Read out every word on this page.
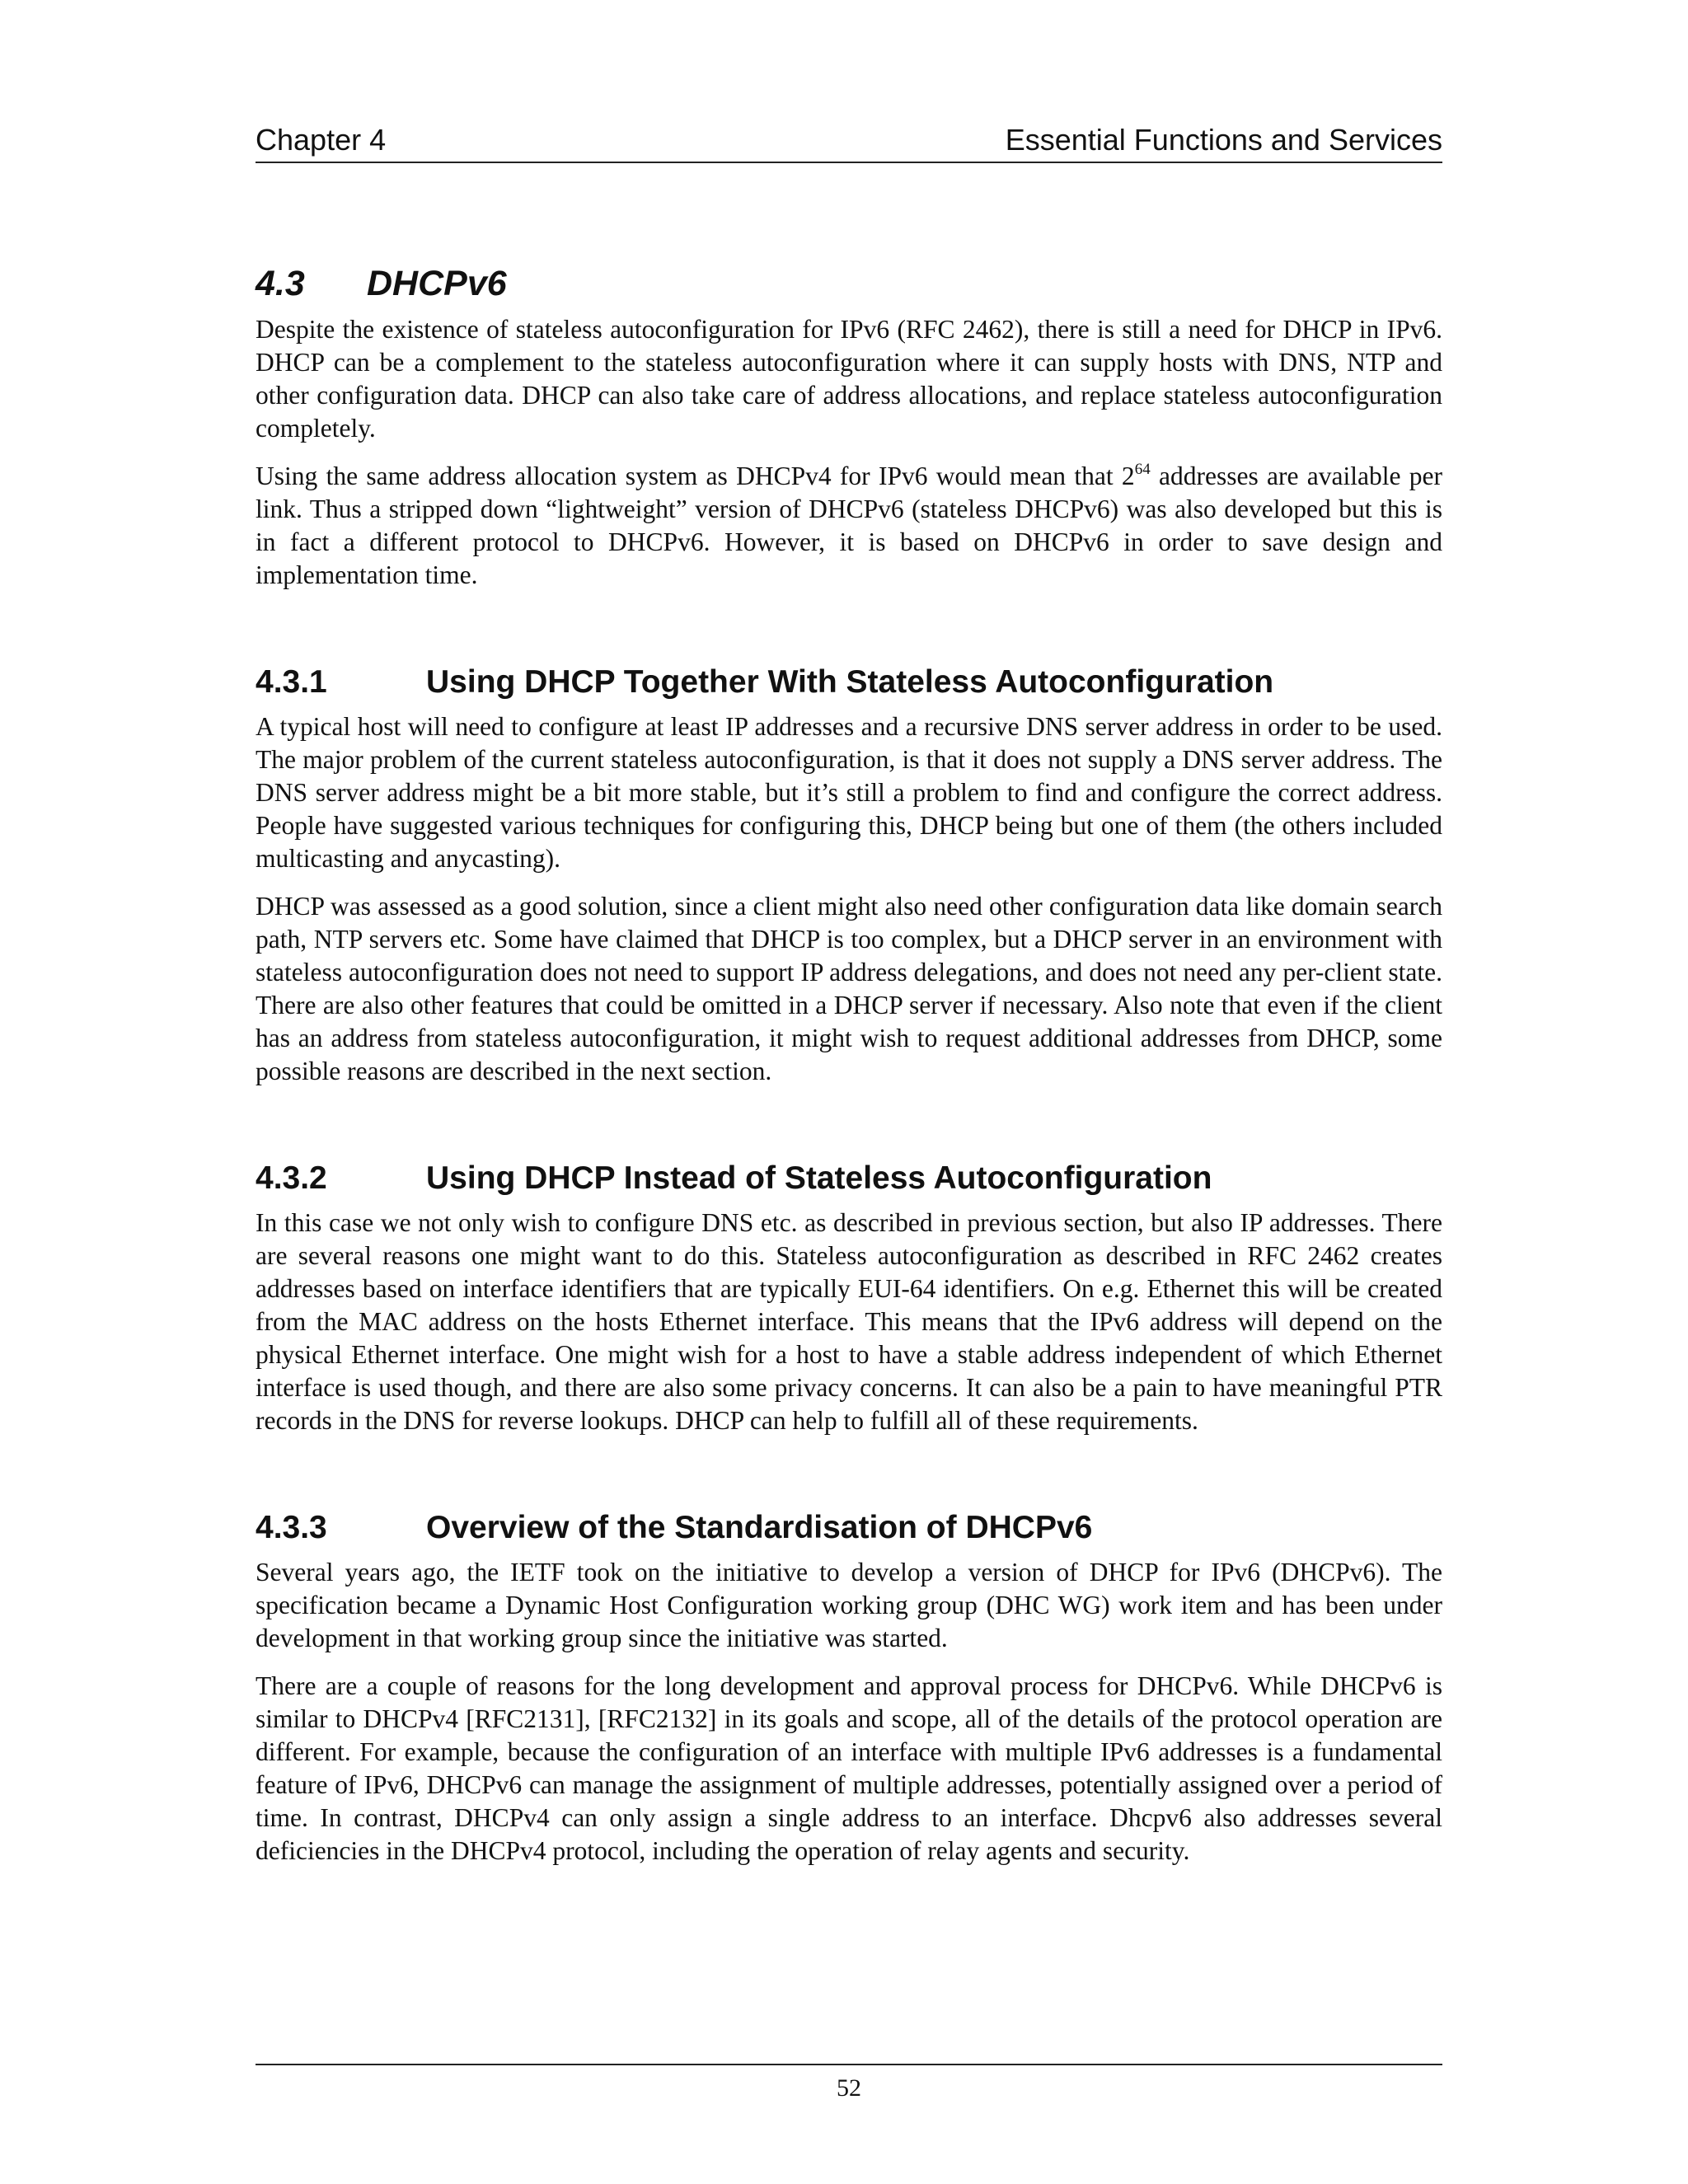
Chapter 4	Essential Functions and Services
4.3	DHCPv6

Despite the existence of stateless autoconfiguration for IPv6 (RFC 2462), there is still a need for DHCP in IPv6. DHCP can be a complement to the stateless autoconfiguration where it can supply hosts with DNS, NTP and other configuration data. DHCP can also take care of address allocations, and replace stateless autoconfiguration completely.

Using the same address allocation system as DHCPv4 for IPv6 would mean that $2^{64}$ addresses are available per link. Thus a stripped down “lightweight” version of DHCPv6 (stateless DHCPv6) was also developed but this is in fact a different protocol to DHCPv6. However, it is based on DHCPv6 in order to save design and implementation time.

4.3.1	Using DHCP Together With Stateless Autoconfiguration

A typical host will need to configure at least IP addresses and a recursive DNS server address in order to be used. The major problem of the current stateless autoconfiguration, is that it does not supply a DNS server address. The DNS server address might be a bit more stable, but it’s still a problem to find and configure the correct address. People have suggested various techniques for configuring this, DHCP being but one of them (the others included multicasting and anycasting).

DHCP was assessed as a good solution, since a client might also need other configuration data like domain search path, NTP servers etc. Some have claimed that DHCP is too complex, but a DHCP server in an environment with stateless autoconfiguration does not need to support IP address delegations, and does not need any per-client state. There are also other features that could be omitted in a DHCP server if necessary. Also note that even if the client has an address from stateless autoconfiguration, it might wish to request additional addresses from DHCP, some possible reasons are described in the next section.

4.3.2	Using DHCP Instead of Stateless Autoconfiguration

In this case we not only wish to configure DNS etc. as described in previous section, but also IP addresses. There are several reasons one might want to do this. Stateless autoconfiguration as described in RFC 2462 creates addresses based on interface identifiers that are typically EUI-64 identifiers. On e.g. Ethernet this will be created from the MAC address on the hosts Ethernet interface. This means that the IPv6 address will depend on the physical Ethernet interface. One might wish for a host to have a stable address independent of which Ethernet interface is used though, and there are also some privacy concerns. It can also be a pain to have meaningful PTR records in the DNS for reverse lookups. DHCP can help to fulfill all of these requirements.

4.3.3	Overview of the Standardisation of DHCPv6

Several years ago, the IETF took on the initiative to develop a version of DHCP for IPv6 (DHCPv6). The specification became a Dynamic Host Configuration working group (DHC WG) work item and has been under development in that working group since the initiative was started.

There are a couple of reasons for the long development and approval process for DHCPv6. While DHCPv6 is similar to DHCPv4 [RFC2131], [RFC2132] in its goals and scope, all of the details of the protocol operation are different. For example, because the configuration of an interface with multiple IPv6 addresses is a fundamental feature of IPv6, DHCPv6 can manage the assignment of multiple addresses, potentially assigned over a period of time. In contrast, DHCPv4 can only assign a single address to an interface. Dhcpv6 also addresses several deficiencies in the DHCPv4 protocol, including the operation of relay agents and security.

52
